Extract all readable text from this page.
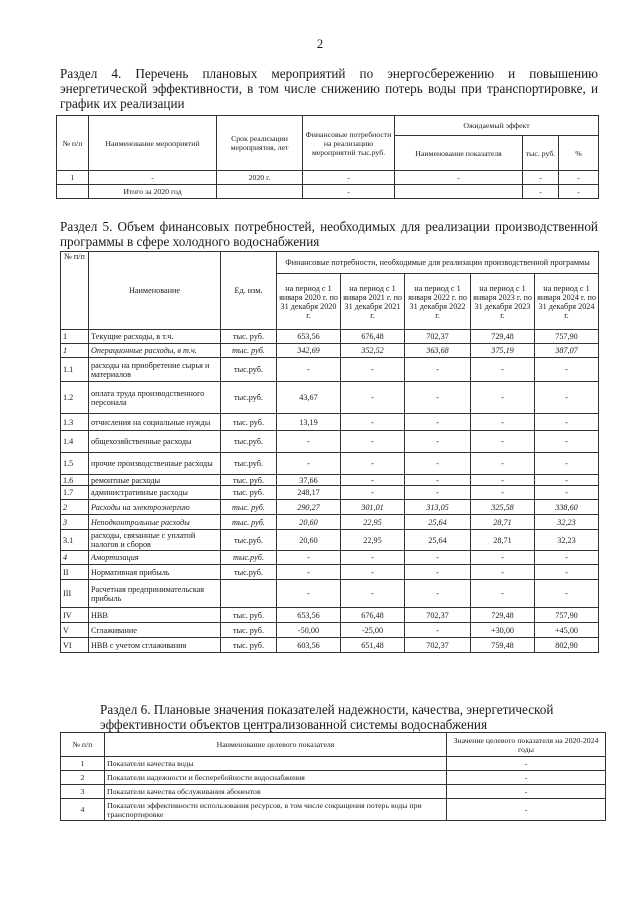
2
Раздел 4. Перечень плановых мероприятий по энергосбережению и повышению энергетической эффективности, в том числе снижению потерь воды при транспортировке, и график их реализации
№ п/п	Наименование мероприятий	Срок реализации мероприятия, лет	Финансовые потребности на реализацию мероприятий тыс.руб.	Ожидаемый эффект		
				Наименование показателя	тыс. руб.	%
1	-	2020 г.	-	-	-	-
	Итого за 2020 год		-		-	-
Раздел 5. Объем финансовых потребностей, необходимых для реализации производственной программы в сфере холодного водоснабжения
№ п/п	Наименование	Ед. изм.	Финансовые потребности, необходимые для реализации производственной программы				
			на период с 1 января 2020 г. по 31 декабря 2020 г.	на период с 1 января 2021 г. по 31 декабря 2021 г.	на период с 1 января 2022 г. по 31 декабря 2022 г.	на период с 1 января 2023 г. по 31 декабря 2023 г.	на период с 1 января 2024 г. по 31 декабря 2024 г.
1	Текущие расходы, в т.ч.	тыс. руб.	653,56	676,48	702,37	729,48	757,90
1	Операционные расходы, в т.ч.	тыс. руб.	342,69	352,52	363,68	375,19	387,07
1.1	расходы на приобретение сырья и материалов	тыс.руб.	-	-	-	-	-
1.2	оплата труда производственного персонала	тыс.руб.	43,67	-	-	-	-
1.3	отчисления на социальные нужды	тыс. руб.	13,19	-	-	-	-
1.4	общехозяйственные расходы	тыс.руб.	-	-	-	-	-
1.5	прочие производственные расходы	тыс.руб.	-	-	-	-	-
1.6	ремонтные расходы	тыс. руб.	37,66	-	-	-	-
1.7	административные расходы	тыс. руб.	248,17	-	-	-	-
2	Расходы на электроэнергию	тыс. руб.	290,27	301,01	313,05	325,58	338,60
3	Неподконтрольные расходы	тыс. руб.	20,60	22,95	25,64	28,71	32,23
3.1	расходы, связанные с уплатой налогов и сборов	тыс.руб.	20,60	22,95	25,64	28,71	32,23
4	Амортизация	тыс.руб.	-	-	-	-	-
II	Нормативная прибыль	тыс.руб.	-	-	-	-	-
III	Расчетная предпринимательская прибыль		-	-	-	-	-
IV	НВВ	тыс. руб.	653,56	676,48	702,37	729,48	757,90
V	Сглаживание	тыс. руб.	-50,00	-25,00	-	+30,00	+45,00
VI	НВВ с учетом сглаживания	тыс. руб.	603,56	651,48	702,37	759,48	802,90
Раздел 6. Плановые значения показателей надежности, качества, энергетической эффективности объектов централизованной системы водоснабжения
№ п/п	Наименование целевого показателя	Значение целевого показателя на 2020-2024 годы
1	Показатели качества воды	-
2	Показатели надежности и бесперебойности водоснабжения	-
3	Показатели качества обслуживания абонентов	-
4	Показатели эффективности использования ресурсов, в том числе сокращения потерь воды при транспортировке	-
